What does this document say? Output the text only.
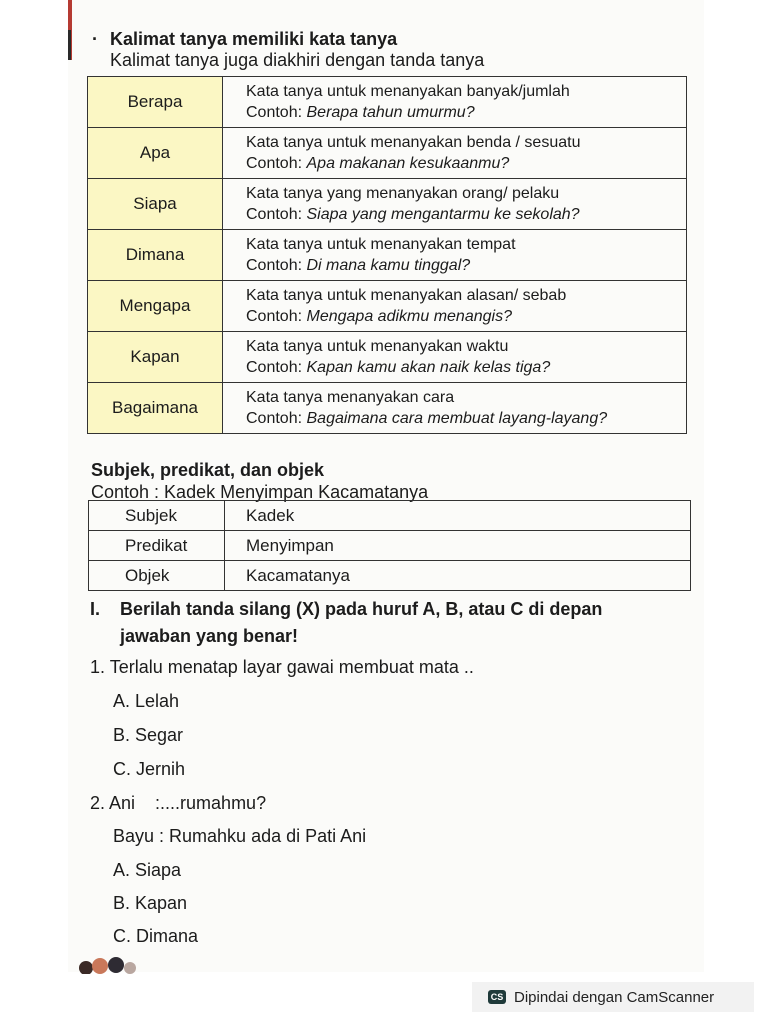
· Kalimat tanya memiliki kata tanya
Kalimat tanya juga diakhiri dengan tanda tanya
Berapa	Kata tanya untuk menanyakan banyak/jumlah
Contoh: Berapa tahun umurmu?

Apa	Kata tanya untuk menanyakan benda / sesuatu
Contoh: Apa makanan kesukaanmu?

Siapa	Kata tanya yang menanyakan orang/ pelaku
Contoh: Siapa yang mengantarmu ke sekolah?

Dimana	Kata tanya untuk menanyakan tempat
Contoh: Di mana kamu tinggal?

Mengapa	Kata tanya untuk menanyakan alasan/ sebab
Contoh: Mengapa adikmu menangis?

Kapan	Kata tanya untuk menanyakan waktu
Contoh: Kapan kamu akan naik kelas tiga?

Bagaimana	Kata tanya menanyakan cara
Contoh: Bagaimana cara membuat layang-layang?
Subjek, predikat, dan objek
Contoh : Kadek Menyimpan Kacamatanya
Subjek	Kadek
Predikat	Menyimpan
Objek	Kacamatanya
I. Berilah tanda silang (X) pada huruf A, B, atau C di depan
jawaban yang benar!
1. Terlalu menatap layar gawai membuat mata ..
A. Lelah
B. Segar
C. Jernih
2. Ani    :....rumahmu?
Bayu : Rumahku ada di Pati Ani
A. Siapa
B. Kapan
C. Dimana
CS Dipindai dengan CamScanner
